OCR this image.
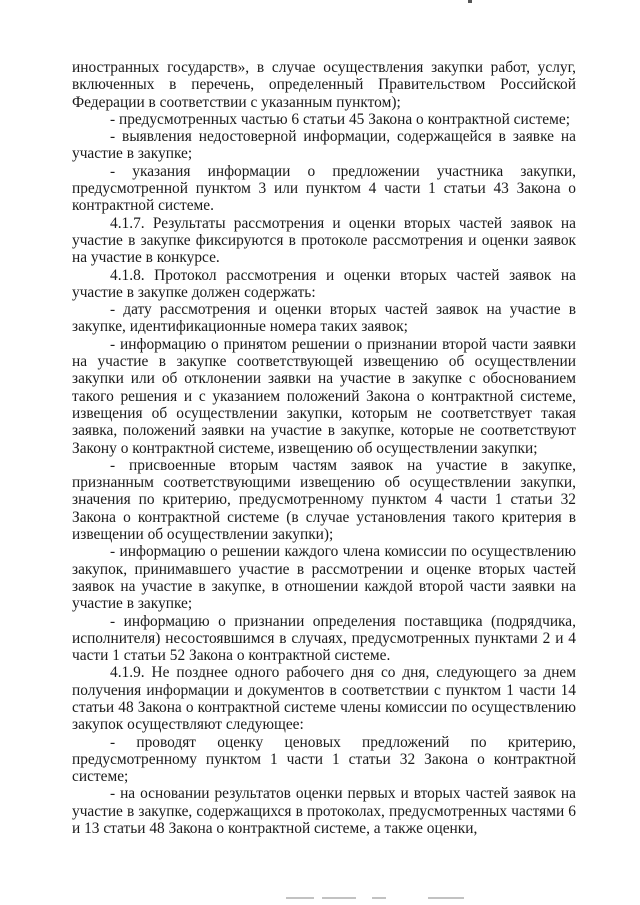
иностранных государств», в случае осуществления закупки работ, услуг, включенных в перечень, определенный Правительством Российской Федерации в соответствии с указанным пунктом);

- предусмотренных частью 6 статьи 45 Закона о контрактной системе;

- выявления недостоверной информации, содержащейся в заявке на участие в закупке;

- указания информации о предложении участника закупки, предусмотренной пунктом 3 или пунктом 4 части 1 статьи 43 Закона о контрактной системе.

4.1.7. Результаты рассмотрения и оценки вторых частей заявок на участие в закупке фиксируются в протоколе рассмотрения и оценки заявок на участие в конкурсе.

4.1.8. Протокол рассмотрения и оценки вторых частей заявок на участие в закупке должен содержать:

- дату рассмотрения и оценки вторых частей заявок на участие в закупке, идентификационные номера таких заявок;

- информацию о принятом решении о признании второй части заявки на участие в закупке соответствующей извещению об осуществлении закупки или об отклонении заявки на участие в закупке с обоснованием такого решения и с указанием положений Закона о контрактной системе, извещения об осуществлении закупки, которым не соответствует такая заявка, положений заявки на участие в закупке, которые не соответствуют Закону о контрактной системе, извещению об осуществлении закупки;

- присвоенные вторым частям заявок на участие в закупке, признанным соответствующими извещению об осуществлении закупки, значения по критерию, предусмотренному пунктом 4 части 1 статьи 32 Закона о контрактной системе (в случае установления такого критерия в извещении об осуществлении закупки);

- информацию о решении каждого члена комиссии по осуществлению закупок, принимавшего участие в рассмотрении и оценке вторых частей заявок на участие в закупке, в отношении каждой второй части заявки на участие в закупке;

- информацию о признании определения поставщика (подрядчика, исполнителя) несостоявшимся в случаях, предусмотренных пунктами 2 и 4 части 1 статьи 52 Закона о контрактной системе.

4.1.9. Не позднее одного рабочего дня со дня, следующего за днем получения информации и документов в соответствии с пунктом 1 части 14 статьи 48 Закона о контрактной системе члены комиссии по осуществлению закупок осуществляют следующее:

- проводят оценку ценовых предложений по критерию, предусмотренному пунктом 1 части 1 статьи 32 Закона о контрактной системе;

- на основании результатов оценки первых и вторых частей заявок на участие в закупке, содержащихся в протоколах, предусмотренных частями 6 и 13 статьи 48 Закона о контрактной системе, а также оценки,
